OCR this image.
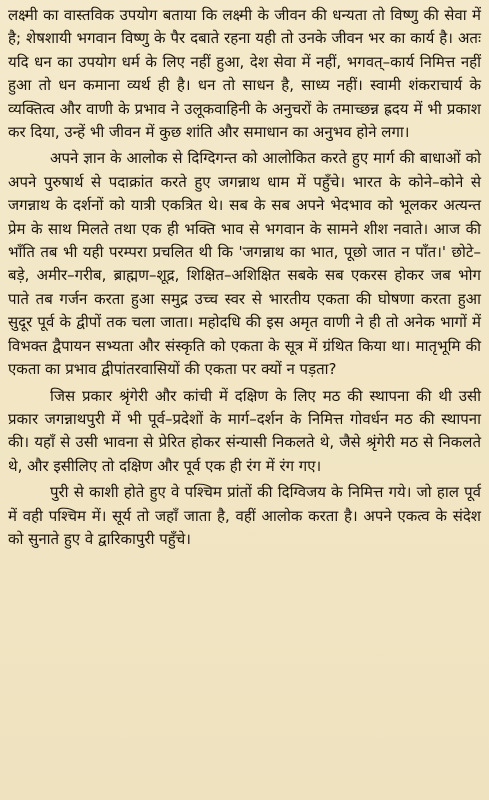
लक्ष्मी का वास्तविक उपयोग बताया कि लक्ष्मी के जीवन की धन्यता तो विष्णु की सेवा में है; शेषशायी भगवान विष्णु के पैर दबाते रहना यही तो उनके जीवन भर का कार्य है। अतः यदि धन का उपयोग धर्म के लिए नहीं हुआ, देश सेवा में नहीं, भगवत्–कार्य निमित्त नहीं हुआ तो धन कमाना व्यर्थ ही है। धन तो साधन है, साध्य नहीं। स्वामी शंकराचार्य के व्यक्तित्व और वाणी के प्रभाव ने उलूकवाहिनी के अनुचरों के तमाच्छन्न ह्रदय में भी प्रकाश कर दिया, उन्हें भी जीवन में कुछ शांति और समाधान का अनुभव होने लगा।

अपने ज्ञान के आलोक से दिग्दिगन्त को आलोकित करते हुए मार्ग की बाधाओं को अपने पुरुषार्थ से पदाक्रांत करते हुए जगन्नाथ धाम में पहुँचे। भारत के कोने–कोने से जगन्नाथ के दर्शनों को यात्री एकत्रित थे। सब के सब अपने भेदभाव को भूलकर अत्यन्त प्रेम के साथ मिलते तथा एक ही भक्ति भाव से भगवान के सामने शीश नवाते। आज की भाँति तब भी यही परम्परा प्रचलित थी कि 'जगन्नाथ का भात, पूछो जात न पाँत।' छोटे–बड़े, अमीर–गरीब, ब्राह्मण–शूद्र, शिक्षित–अशिक्षित सबके सब एकरस होकर जब भोग पाते तब गर्जन करता हुआ समुद्र उच्च स्वर से भारतीय एकता की घोषणा करता हुआ सुदूर पूर्व के द्वीपों तक चला जाता। महोदधि की इस अमृत वाणी ने ही तो अनेक भागों में विभक्त द्वैपायन सभ्यता और संस्कृति को एकता के सूत्र में ग्रंथित किया था। मातृभूमि की एकता का प्रभाव द्वीपांतरवासियों की एकता पर क्यों न पड़ता?

जिस प्रकार श्रृंगेरी और कांची में दक्षिण के लिए मठ की स्थापना की थी उसी प्रकार जगन्नाथपुरी में भी पूर्व–प्रदेशों के मार्ग–दर्शन के निमित्त गोवर्धन मठ की स्थापना की। यहाँ से उसी भावना से प्रेरित होकर संन्यासी निकलते थे, जैसे श्रृंगेरी मठ से निकलते थे, और इसीलिए तो दक्षिण और पूर्व एक ही रंग में रंग गए।

पुरी से काशी होते हुए वे पश्चिम प्रांतों की दिग्विजय के निमित्त गये। जो हाल पूर्व में वही पश्चिम में। सूर्य तो जहाँ जाता है, वहीं आलोक करता है। अपने एकत्व के संदेश को सुनाते हुए वे द्वारिकापुरी पहुँचे।
